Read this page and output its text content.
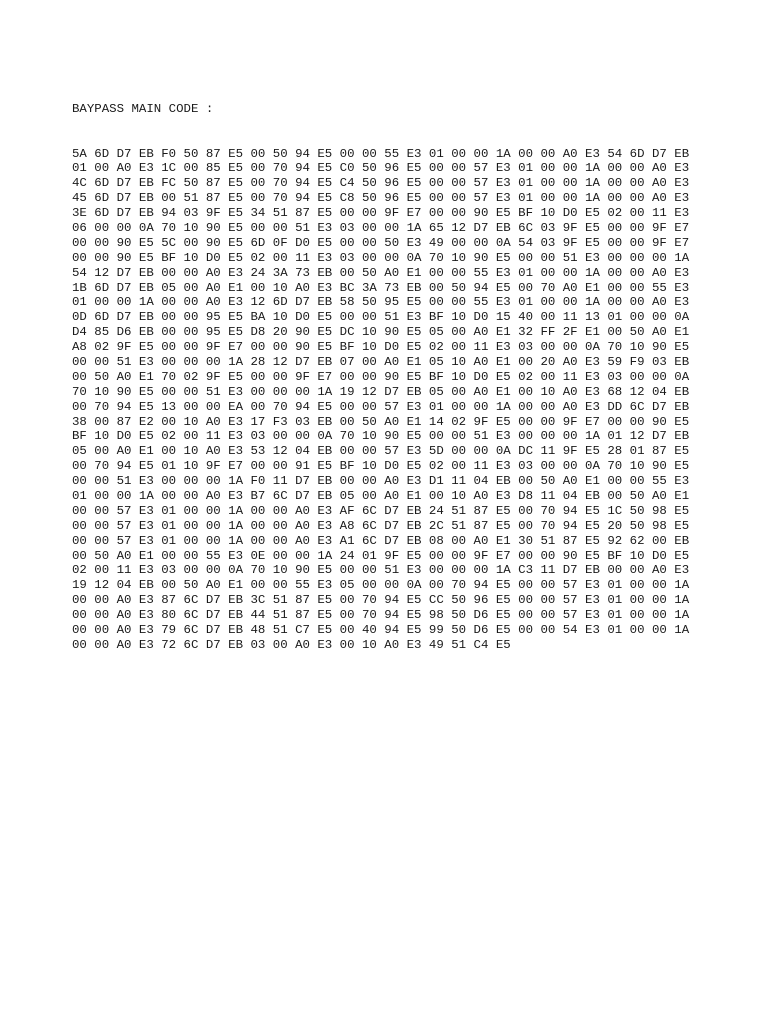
BAYPASS MAIN CODE :

5A 6D D7 EB F0 50 87 E5 00 50 94 E5 00 00 55 E3 01 00 00 1A 00 00 A0 E3 54 6D D7 EB
01 00 A0 E3 1C 00 85 E5 00 70 94 E5 C0 50 96 E5 00 00 57 E3 01 00 00 1A 00 00 A0 E3
4C 6D D7 EB FC 50 87 E5 00 70 94 E5 C4 50 96 E5 00 00 57 E3 01 00 00 1A 00 00 A0 E3
45 6D D7 EB 00 51 87 E5 00 70 94 E5 C8 50 96 E5 00 00 57 E3 01 00 00 1A 00 00 A0 E3
3E 6D D7 EB 94 03 9F E5 34 51 87 E5 00 00 9F E7 00 00 90 E5 BF 10 D0 E5 02 00 11 E3
06 00 00 0A 70 10 90 E5 00 00 51 E3 03 00 00 1A 65 12 D7 EB 6C 03 9F E5 00 00 9F E7
00 00 90 E5 5C 00 90 E5 6D 0F D0 E5 00 00 50 E3 49 00 00 0A 54 03 9F E5 00 00 9F E7
00 00 90 E5 BF 10 D0 E5 02 00 11 E3 03 00 00 0A 70 10 90 E5 00 00 51 E3 00 00 00 1A
54 12 D7 EB 00 00 A0 E3 24 3A 73 EB 00 50 A0 E1 00 00 55 E3 01 00 00 1A 00 00 A0 E3
1B 6D D7 EB 05 00 A0 E1 00 10 A0 E3 BC 3A 73 EB 00 50 94 E5 00 70 A0 E1 00 00 55 E3
01 00 00 1A 00 00 A0 E3 12 6D D7 EB 58 50 95 E5 00 00 55 E3 01 00 00 1A 00 00 A0 E3
0D 6D D7 EB 00 00 95 E5 BA 10 D0 E5 00 00 51 E3 BF 10 D0 15 40 00 11 13 01 00 00 0A
D4 85 D6 EB 00 00 95 E5 D8 20 90 E5 DC 10 90 E5 05 00 A0 E1 32 FF 2F E1 00 50 A0 E1
A8 02 9F E5 00 00 9F E7 00 00 90 E5 BF 10 D0 E5 02 00 11 E3 03 00 00 0A 70 10 90 E5
00 00 51 E3 00 00 00 1A 28 12 D7 EB 07 00 A0 E1 05 10 A0 E1 00 20 A0 E3 59 F9 03 EB
00 50 A0 E1 70 02 9F E5 00 00 9F E7 00 00 90 E5 BF 10 D0 E5 02 00 11 E3 03 00 00 0A
70 10 90 E5 00 00 51 E3 00 00 00 1A 19 12 D7 EB 05 00 A0 E1 00 10 A0 E3 68 12 04 EB
00 70 94 E5 13 00 00 EA 00 70 94 E5 00 00 57 E3 01 00 00 1A 00 00 A0 E3 DD 6C D7 EB
38 00 87 E2 00 10 A0 E3 17 F3 03 EB 00 50 A0 E1 14 02 9F E5 00 00 9F E7 00 00 90 E5
BF 10 D0 E5 02 00 11 E3 03 00 00 0A 70 10 90 E5 00 00 51 E3 00 00 00 1A 01 12 D7 EB
05 00 A0 E1 00 10 A0 E3 53 12 04 EB 00 00 57 E3 5D 00 00 0A DC 11 9F E5 28 01 87 E5
00 70 94 E5 01 10 9F E7 00 00 91 E5 BF 10 D0 E5 02 00 11 E3 03 00 00 0A 70 10 90 E5
00 00 51 E3 00 00 00 1A F0 11 D7 EB 00 00 A0 E3 D1 11 04 EB 00 50 A0 E1 00 00 55 E3
01 00 00 1A 00 00 A0 E3 B7 6C D7 EB 05 00 A0 E1 00 10 A0 E3 D8 11 04 EB 00 50 A0 E1
00 00 57 E3 01 00 00 1A 00 00 A0 E3 AF 6C D7 EB 24 51 87 E5 00 70 94 E5 1C 50 98 E5
00 00 57 E3 01 00 00 1A 00 00 A0 E3 A8 6C D7 EB 2C 51 87 E5 00 70 94 E5 20 50 98 E5
00 00 57 E3 01 00 00 1A 00 00 A0 E3 A1 6C D7 EB 08 00 A0 E1 30 51 87 E5 92 62 00 EB
00 50 A0 E1 00 00 55 E3 0E 00 00 1A 24 01 9F E5 00 00 9F E7 00 00 90 E5 BF 10 D0 E5
02 00 11 E3 03 00 00 0A 70 10 90 E5 00 00 51 E3 00 00 00 1A C3 11 D7 EB 00 00 A0 E3
19 12 04 EB 00 50 A0 E1 00 00 55 E3 05 00 00 0A 00 70 94 E5 00 00 57 E3 01 00 00 1A
00 00 A0 E3 87 6C D7 EB 3C 51 87 E5 00 70 94 E5 CC 50 96 E5 00 00 57 E3 01 00 00 1A
00 00 A0 E3 80 6C D7 EB 44 51 87 E5 00 70 94 E5 98 50 D6 E5 00 00 57 E3 01 00 00 1A
00 00 A0 E3 79 6C D7 EB 48 51 C7 E5 00 40 94 E5 99 50 D6 E5 00 00 54 E3 01 00 00 1A
00 00 A0 E3 72 6C D7 EB 03 00 A0 E3 00 10 A0 E3 49 51 C4 E5
